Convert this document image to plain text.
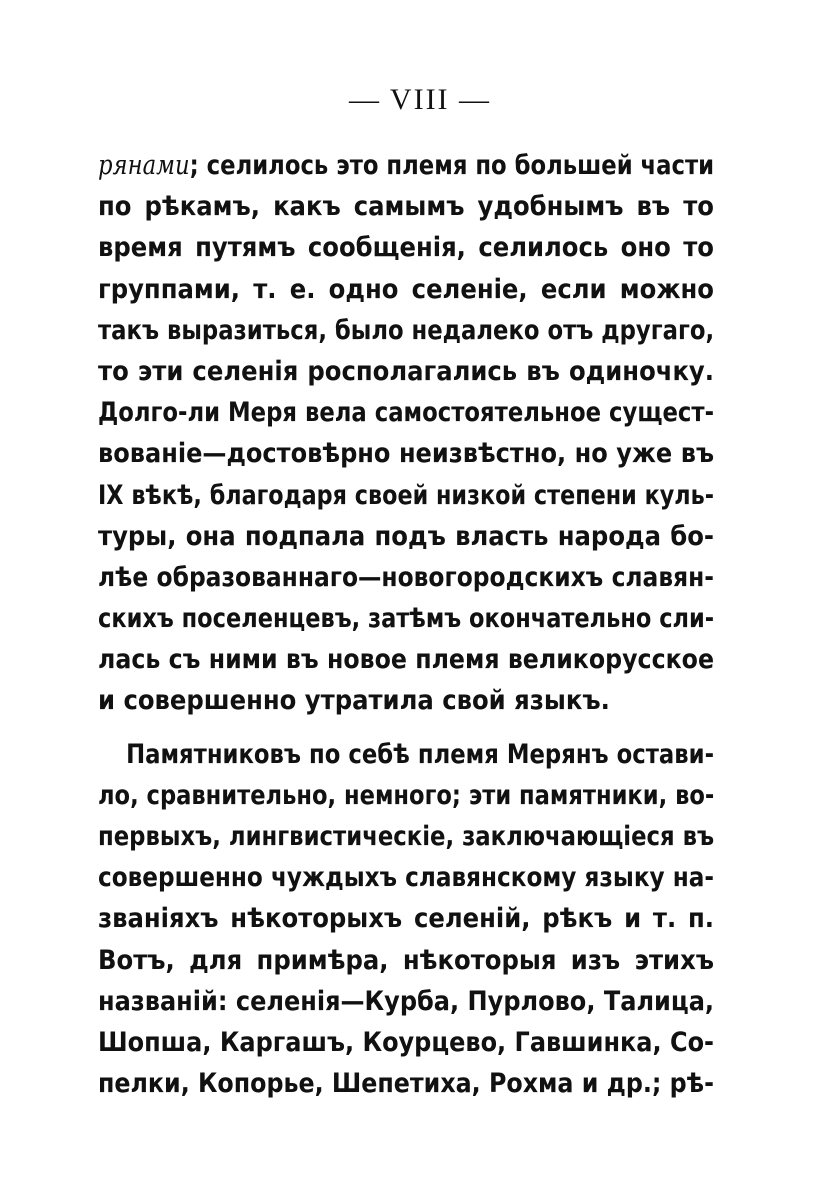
— VIII —
рянами; селилось это племя по большей части
по рѣкамъ, какъ самымъ удобнымъ въ то
время путямъ сообщенія, селилось оно то
группами, т. е. одно селеніе, если можно
такъ выразиться, было недалеко отъ другаго,
то эти селенія росполагались въ одиночку.
Долго-ли Меря вела самостоятельное сущест-
вованіе—достовѣрно неизвѣстно, но уже въ
IX вѣкѣ, благодаря своей низкой степени куль-
туры, она подпала подъ власть народа бо-
лѣе образованнаго—новогородскихъ славян-
скихъ поселенцевъ, затѣмъ окончательно сли-
лась съ ними въ новое племя великорусское
и совершенно утратила свой языкъ.
Памятниковъ по себѣ племя Мерянъ остави-
ло, сравнительно, немного; эти памятники, во-
первыхъ, лингвистическіе, заключающіеся въ
совершенно чуждыхъ славянскому языку на-
званіяхъ нѣкоторыхъ селеній, рѣкъ и т. п.
Вотъ, для примѣра, нѣкоторыя изъ этихъ
названій: селенія—Курба, Пурлово, Талица,
Шопша, Каргашъ, Коурцево, Гавшинка, Со-
пелки, Копорье, Шепетиха, Рохма и др.; рѣ-
